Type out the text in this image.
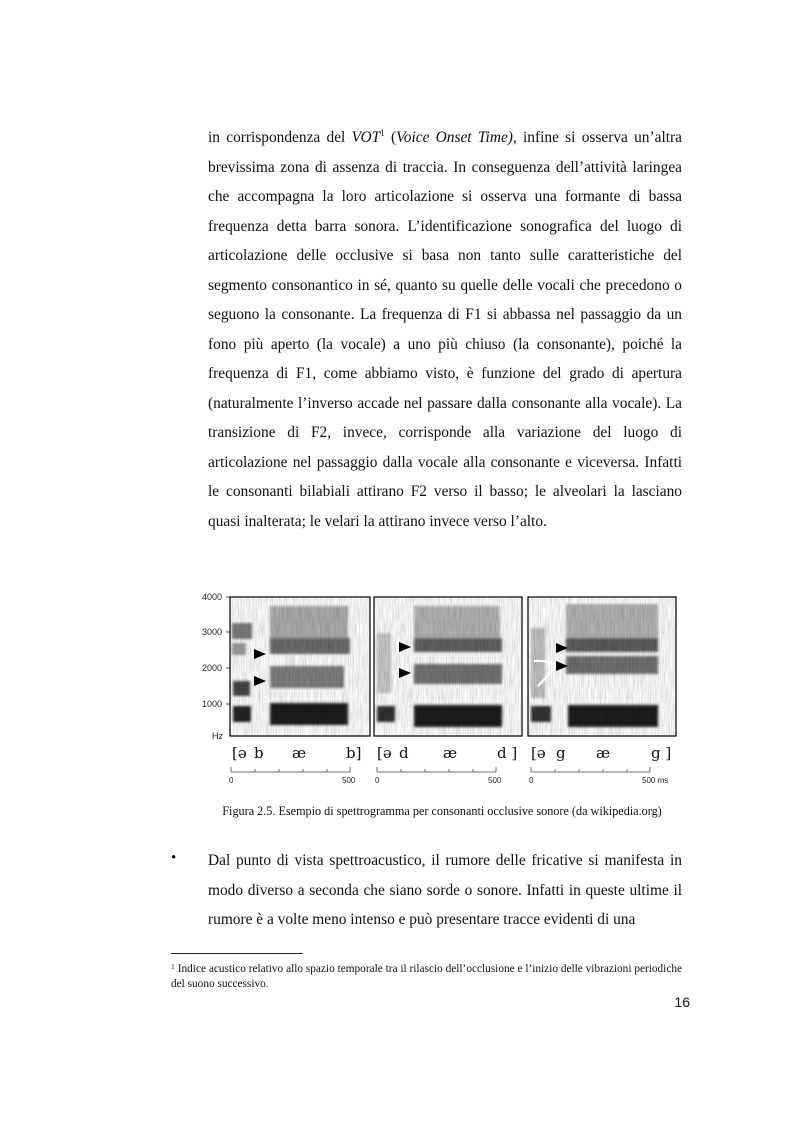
in corrispondenza del VOT$^1$ (Voice Onset Time), infine si osserva un’altra brevissima zona di assenza di traccia. In conseguenza dell’attività laringea che accompagna la loro articolazione si osserva una formante di bassa frequenza detta barra sonora. L’identificazione sonografica del luogo di articolazione delle occlusive si basa non tanto sulle caratteristiche del segmento consonantico in sé, quanto su quelle delle vocali che precedono o seguono la consonante. La frequenza di F1 si abbassa nel passaggio da un fono più aperto (la vocale) a uno più chiuso (la consonante), poiché la frequenza di F1, come abbiamo visto, è funzione del grado di apertura (naturalmente l’inverso accade nel passare dalla consonante alla vocale). La transizione di F2, invece, corrisponde alla variazione del luogo di articolazione nel passaggio dalla vocale alla consonante e viceversa. Infatti le consonanti bilabiali attirano F2 verso il basso; le alveolari la lasciano quasi inalterata; le velari la attirano invece verso l’alto.

4000
3000
2000
1000
Hz
[ə b æ	b]
0	500
[ə d æ	d ]
0	500
[ə g æ	g ]
0	500 ms

Figura 2.5. Esempio di spettrogramma per consonanti occlusive sonore (da wikipedia.org)

• Dal punto di vista spettroacustico, il rumore delle fricative si manifesta in modo diverso a seconda che siano sorde o sonore. Infatti in queste ultime il rumore è a volte meno intenso e può presentare tracce evidenti di una

$^1$ Indice acustico relativo allo spazio temporale tra il rilascio dell’occlusione e l’inizio delle vibrazioni periodiche del suono successivo.

16
